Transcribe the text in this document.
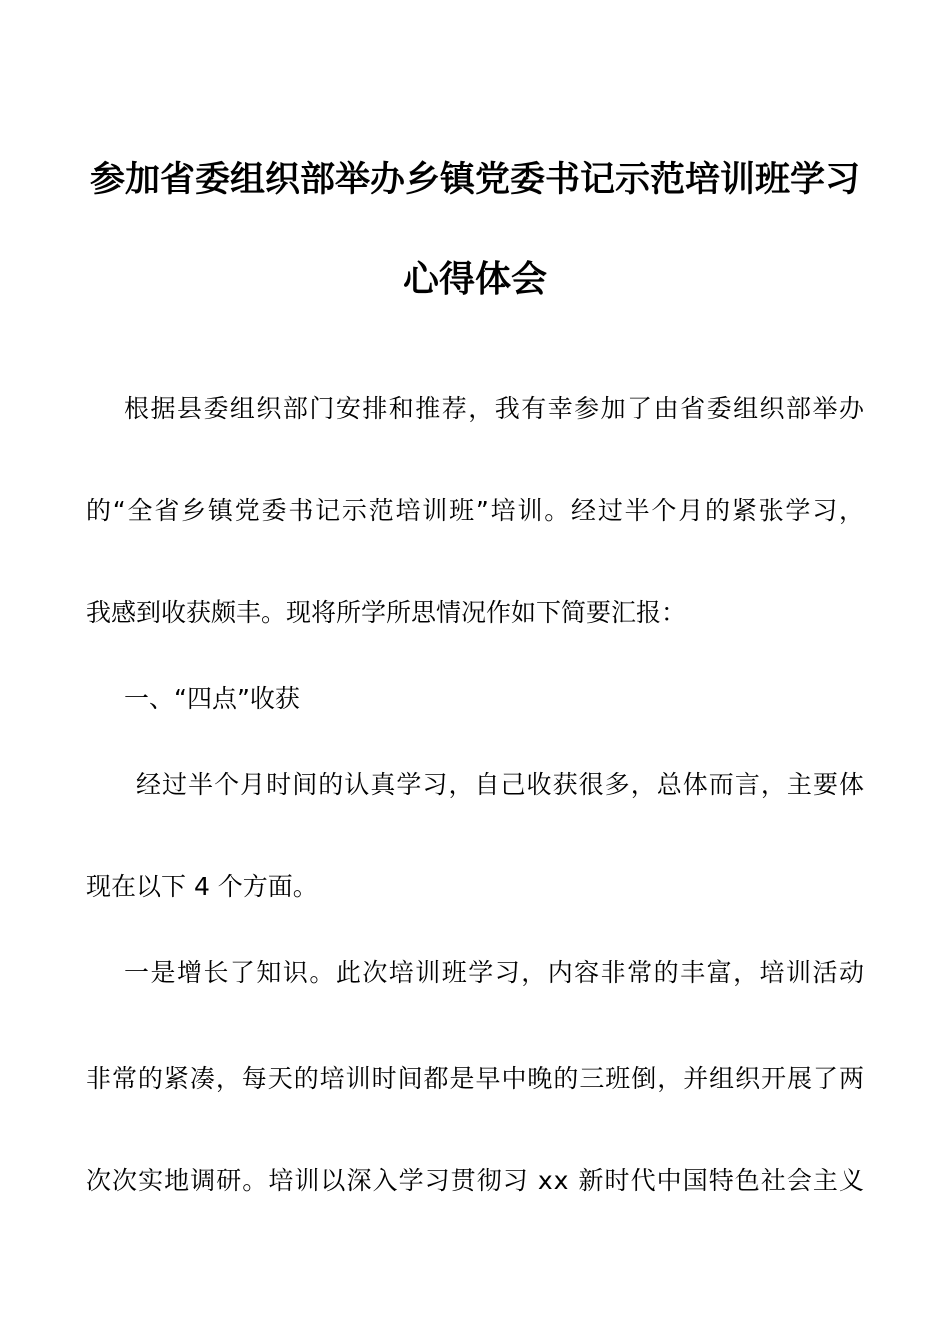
参加省委组织部举办乡镇党委书记示范培训班学习
心得体会
根据县委组织部门安排和推荐，我有幸参加了由省委组织部举办
的“全省乡镇党委书记示范培训班”培训。经过半个月的紧张学习，
我感到收获颇丰。现将所学所思情况作如下简要汇报：
一、“四点”收获
经过半个月时间的认真学习，自己收获很多，总体而言，主要体
现在以下 4 个方面。
一是增长了知识。此次培训班学习，内容非常的丰富，培训活动
非常的紧凑，每天的培训时间都是早中晚的三班倒，并组织开展了两
次次实地调研。培训以深入学习贯彻习 xx 新时代中国特色社会主义
